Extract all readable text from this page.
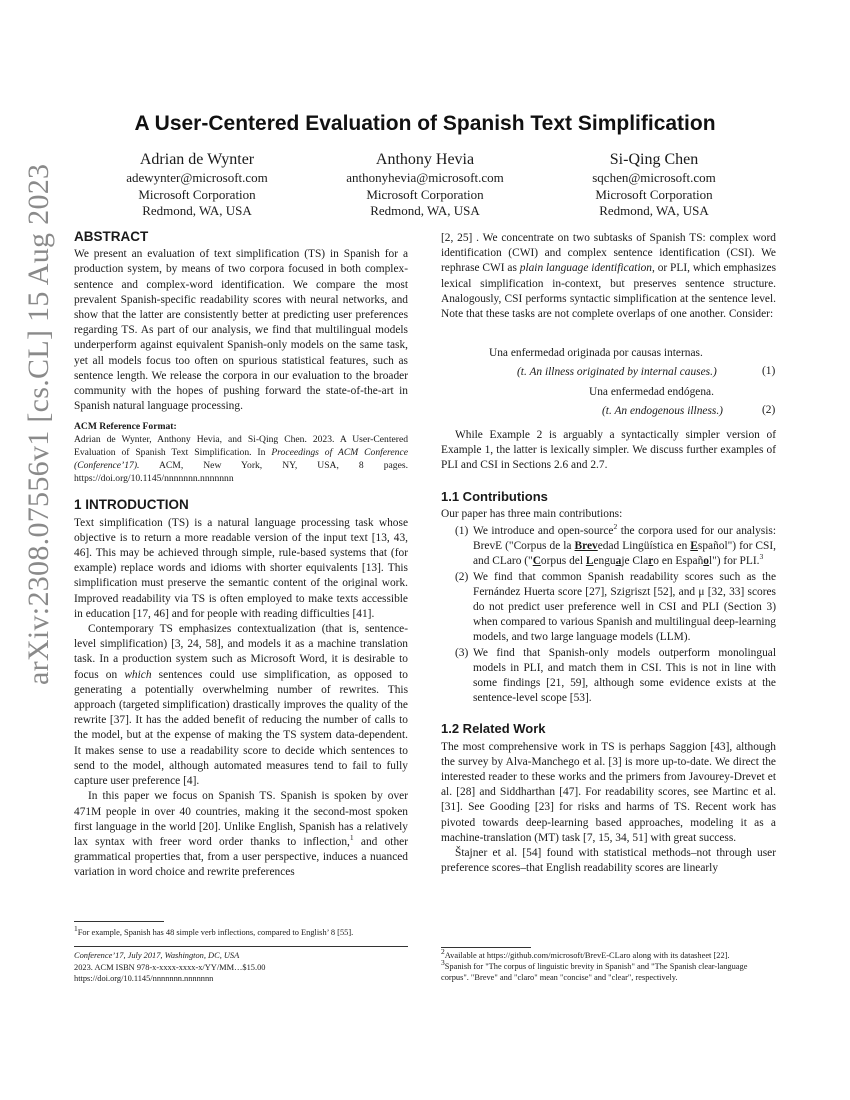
arXiv:2308.07556v1 [cs.CL] 15 Aug 2023
A User-Centered Evaluation of Spanish Text Simplification
Adrian de Wynter
adewynter@microsoft.com
Microsoft Corporation
Redmond, WA, USA
Anthony Hevia
anthonyhevia@microsoft.com
Microsoft Corporation
Redmond, WA, USA
Si-Qing Chen
sqchen@microsoft.com
Microsoft Corporation
Redmond, WA, USA
ABSTRACT

We present an evaluation of text simplification (TS) in Spanish for a production system, by means of two corpora focused in both complex-sentence and complex-word identification. We compare the most prevalent Spanish-specific readability scores with neural networks, and show that the latter are consistently better at predicting user preferences regarding TS. As part of our analysis, we find that multilingual models underperform against equivalent Spanish-only models on the same task, yet all models focus too often on spurious statistical features, such as sentence length. We release the corpora in our evaluation to the broader community with the hopes of pushing forward the state-of-the-art in Spanish natural language processing.

ACM Reference Format:
Adrian de Wynter, Anthony Hevia, and Si-Qing Chen. 2023. A User-Centered Evaluation of Spanish Text Simplification. In Proceedings of ACM Conference (Conference’17). ACM, New York, NY, USA, 8 pages. https://doi.org/10.1145/nnnnnnn.nnnnnnn
1 INTRODUCTION

Text simplification (TS) is a natural language processing task whose objective is to return a more readable version of the input text [13, 43, 46]. This may be achieved through simple, rule-based systems that (for example) replace words and idioms with shorter equivalents [13]. This simplification must preserve the semantic content of the original work. Improved readability via TS is often employed to make texts accessible in education [17, 46] and for people with reading difficulties [41].

Contemporary TS emphasizes contextualization (that is, sentence-level simplification) [3, 24, 58], and models it as a machine translation task. In a production system such as Microsoft Word, it is desirable to focus on which sentences could use simplification, as opposed to generating a potentially overwhelming number of rewrites. This approach (targeted simplification) drastically improves the quality of the rewrite [37]. It has the added benefit of reducing the number of calls to the model, but at the expense of making the TS system data-dependent. It makes sense to use a readability score to decide which sentences to send to the model, although automated measures tend to fail to fully capture user preference [4].

In this paper we focus on Spanish TS. Spanish is spoken by over 471M people in over 40 countries, making it the second-most spoken first language in the world [20]. Unlike English, Spanish has a relatively lax syntax with freer word order thanks to inflection,$^1$ and other grammatical properties that, from a user perspective, induces a nuanced variation in word choice and rewrite preferences

$^1$For example, Spanish has 48 simple verb inflections, compared to English’ 8 [55].
Conference’17, July 2017, Washington, DC, USA
2023. ACM ISBN 978-x-xxxx-xxxx-x/YY/MM…$15.00
https://doi.org/10.1145/nnnnnnn.nnnnnnn

[2, 25] . We concentrate on two subtasks of Spanish TS: complex word identification (CWI) and complex sentence identification (CSI). We rephrase CWI as plain language identification, or PLI, which emphasizes lexical simplification in-context, but preserves sentence structure. Analogously, CSI performs syntactic simplification at the sentence level. Note that these tasks are not complete overlaps of one another. Consider:

Una enfermedad originada por causas internas.
(t. An illness originated by internal causes.)	(1)
Una enfermedad endógena.
(t. An endogenous illness.)	(2)

While Example 2 is arguably a syntactically simpler version of Example 1, the latter is lexically simpler. We discuss further examples of PLI and CSI in Sections 2.6 and 2.7.

1.1 Contributions

Our paper has three main contributions:

(1) We introduce and open-source$^2$ the corpora used for our analysis: BrevE ("Corpus de la Brevedad Lingüística en Español") for CSI, and CLaro ("Corpus del Lenguaje Claro en Español") for PLI.$^3$
(2) We find that common Spanish readability scores such as the Fernández Huerta score [27], Szigriszt [52], and μ [32, 33] scores do not predict user preference well in CSI and PLI (Section 3) when compared to various Spanish and multilingual deep-learning models, and two large language models (LLM).
(3) We find that Spanish-only models outperform monolingual models in PLI, and match them in CSI. This is not in line with some findings [21, 59], although some evidence exists at the sentence-level scope [53].
1.2 Related Work

The most comprehensive work in TS is perhaps Saggion [43], although the survey by Alva-Manchego et al. [3] is more up-to-date. We direct the interested reader to these works and the primers from Javourey-Drevet et al. [28] and Siddharthan [47]. For readability scores, see Martinc et al. [31]. See Gooding [23] for risks and harms of TS. Recent work has pivoted towards deep-learning based approaches, modeling it as a machine-translation (MT) task [7, 15, 34, 51] with great success.

Štajner et al. [54] found with statistical methods–not through user preference scores–that English readability scores are linearly

$^2$Available at https://github.com/microsoft/BrevE-CLaro along with its datasheet [22].
$^3$Spanish for "The corpus of linguistic brevity in Spanish" and "The Spanish clear-language corpus". "Breve" and "claro" mean "concise" and "clear", respectively.
